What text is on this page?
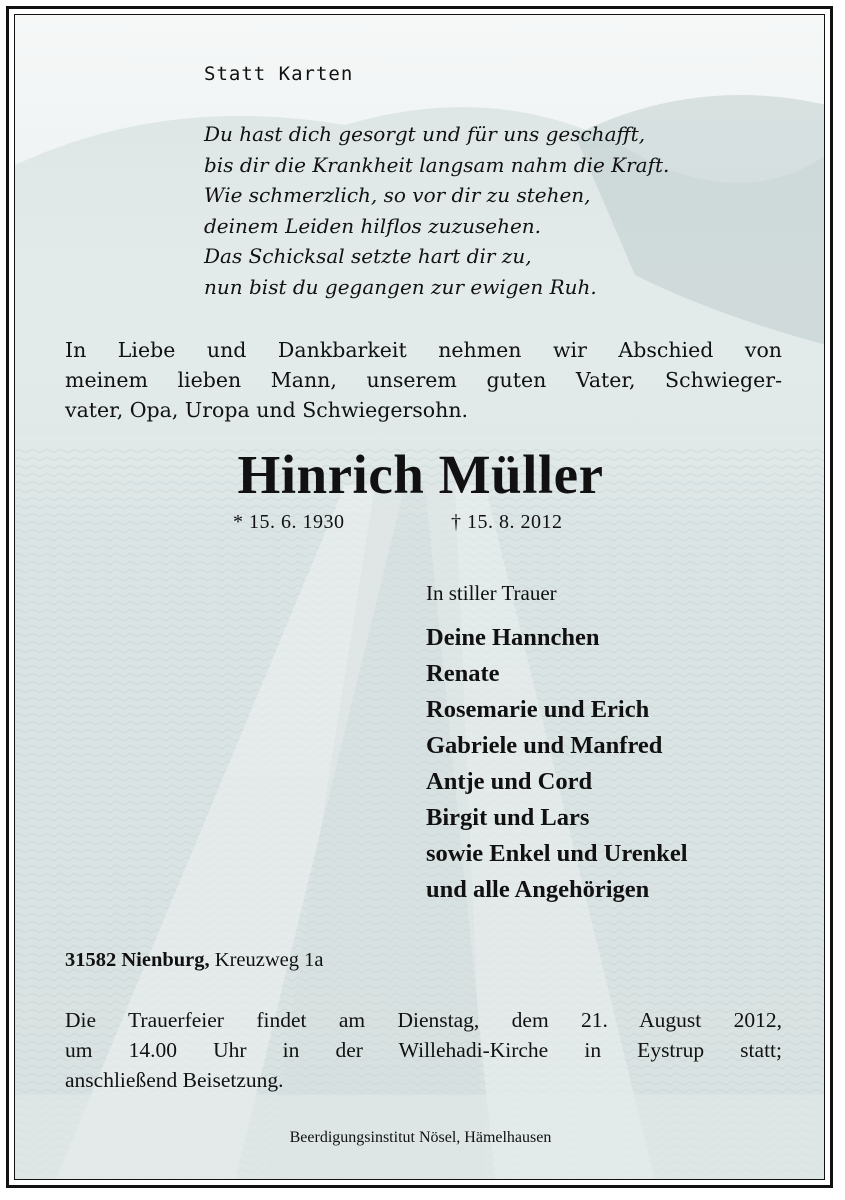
Statt Karten
Du hast dich gesorgt und für uns geschafft,
bis dir die Krankheit langsam nahm die Kraft.
Wie schmerzlich, so vor dir zu stehen,
deinem Leiden hilflos zuzusehen.
Das Schicksal setzte hart dir zu,
nun bist du gegangen zur ewigen Ruh.
In Liebe und Dankbarkeit nehmen wir Abschied von
meinem lieben Mann, unserem guten Vater, Schwieger-
vater, Opa, Uropa und Schwiegersohn.
Hinrich Müller
* 15. 6. 1930	† 15. 8. 2012
In stiller Trauer
Deine Hannchen
Renate
Rosemarie und Erich
Gabriele und Manfred
Antje und Cord
Birgit und Lars
sowie Enkel und Urenkel
und alle Angehörigen
31582 Nienburg, Kreuzweg 1a
Die Trauerfeier findet am Dienstag, dem 21. August 2012,
um 14.00 Uhr in der Willehadi-Kirche in Eystrup statt;
anschließend Beisetzung.
Beerdigungsinstitut Nösel, Hämelhausen
